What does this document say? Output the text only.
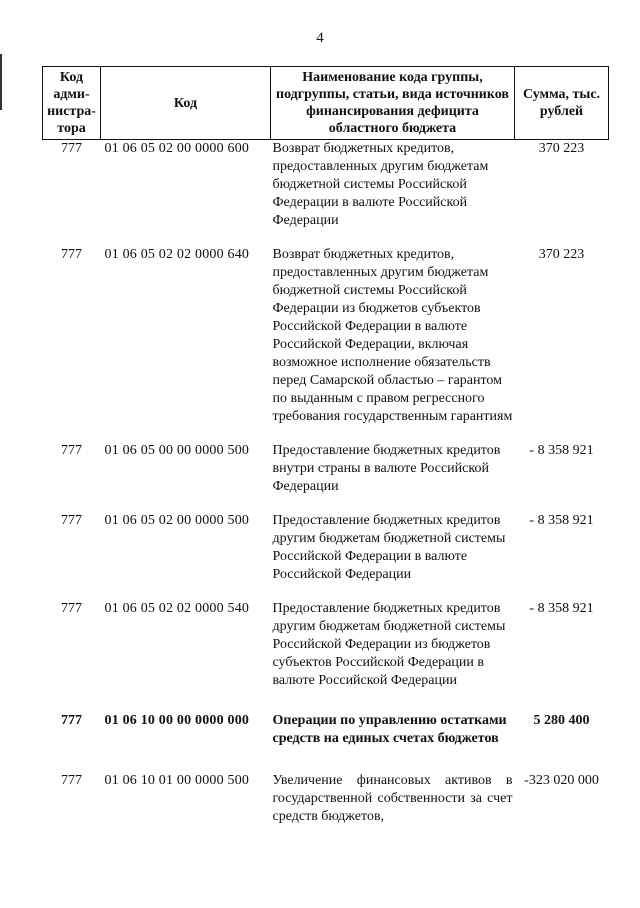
4
Код адми-нистра-тора	Код	Наименование кода группы, подгруппы, статьи, вида источников финансирования дефицита областного бюджета	Сумма, тыс. рублей
777	01 06 05 02 00 0000 600	Возврат бюджетных кредитов, предоставленных другим бюджетам бюджетной системы Российской Федерации в валюте Российской Федерации	370 223
777	01 06 05 02 02 0000 640	Возврат бюджетных кредитов, предоставленных другим бюджетам бюджетной системы Российской Федерации из бюджетов субъектов Российской Федерации в валюте Российской Федерации, включая возможное исполнение обязательств перед Самарской областью – гарантом по выданным с правом регрессного требования государственным гарантиям	370 223
777	01 06 05 00 00 0000 500	Предоставление бюджетных кредитов внутри страны в валюте Российской Федерации	- 8 358 921
777	01 06 05 02 00 0000 500	Предоставление бюджетных кредитов другим бюджетам бюджетной системы Российской Федерации в валюте Российской Федерации	- 8 358 921
777	01 06 05 02 02 0000 540	Предоставление бюджетных кредитов другим бюджетам бюджетной системы Российской Федерации из бюджетов субъектов Российской Федерации в валюте Российской Федерации	- 8 358 921

777	01 06 10 00 00 0000 000	Операции по управлению остатками средств на единых счетах бюджетов	5 280 400

777	01 06 10 01 00 0000 500	Увеличение финансовых активов в государственной собственности за счет средств бюджетов,	-323 020 000
